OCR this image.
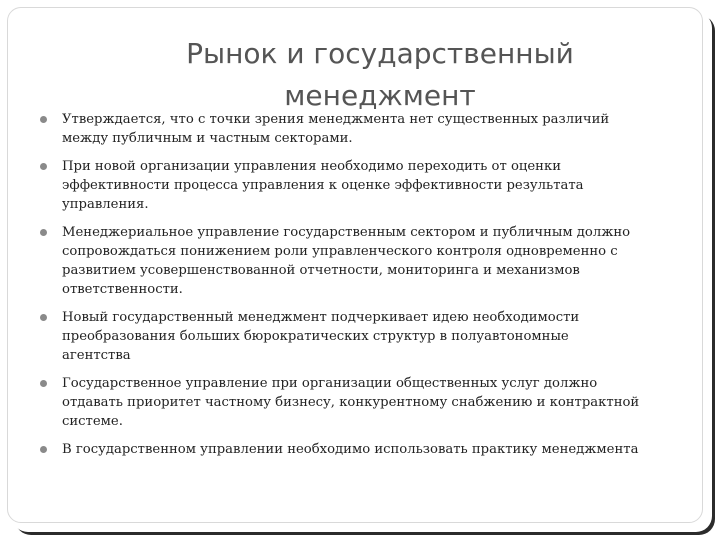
Рынок и государственный
менеджмент
Утверждается, что с точки зрения менеджмента нет существенных различий между публичным и частным секторами.
При новой организации управления необходимо переходить от оценки эффективности процесса управления к оценке эффективности результата управления.
Менеджериальное управление государственным сектором и публичным должно сопровождаться понижением роли управленческого контроля одновременно с развитием усовершенствованной отчетности, мониторинга и механизмов ответственности.
Новый государственный менеджмент подчеркивает идею необходимости преобразования больших бюрократических структур в полуавтономные агентства
Государственное управление при организации общественных услуг должно отдавать приоритет частному бизнесу, конкурентному снабжению и контрактной системе.
В государственном управлении необходимо использовать практику менеджмента
